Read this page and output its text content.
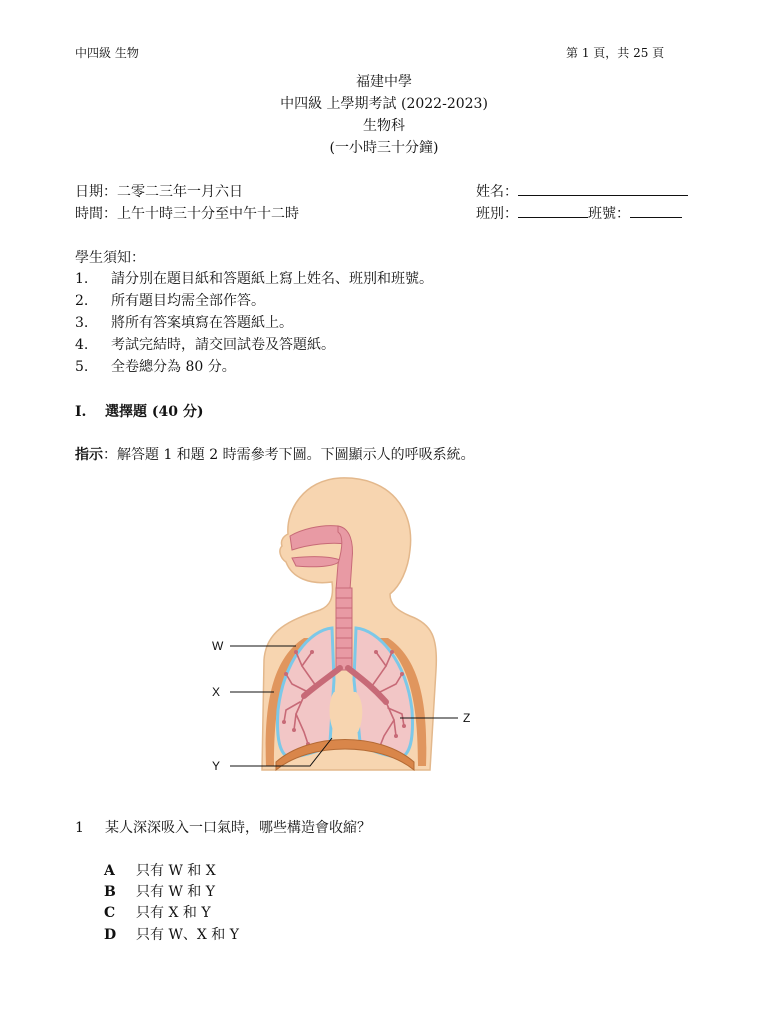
中四級 生物	第 1 頁，共 25 頁
福建中學
中四級 上學期考試 (2022-2023)
生物科
(一小時三十分鐘)
日期：二零二三年一月六日
時間：上午十時三十分至中午十二時
姓名：
班別：	班號：
學生須知：
1. 請分別在題目紙和答題紙上寫上姓名、班別和班號。
2. 所有題目均需全部作答。
3. 將所有答案填寫在答題紙上。
4. 考試完結時，請交回試卷及答題紙。
5. 全卷總分為 80 分。
I. 選擇題 (40 分)
指示：解答題 1 和題 2 時需參考下圖。下圖顯示人的呼吸系統。
W
X
Y
Z
1 某人深深吸入一口氣時，哪些構造會收縮？
A 只有 W 和 X
B 只有 W 和 Y
C 只有 X 和 Y
D 只有 W、X 和 Y
